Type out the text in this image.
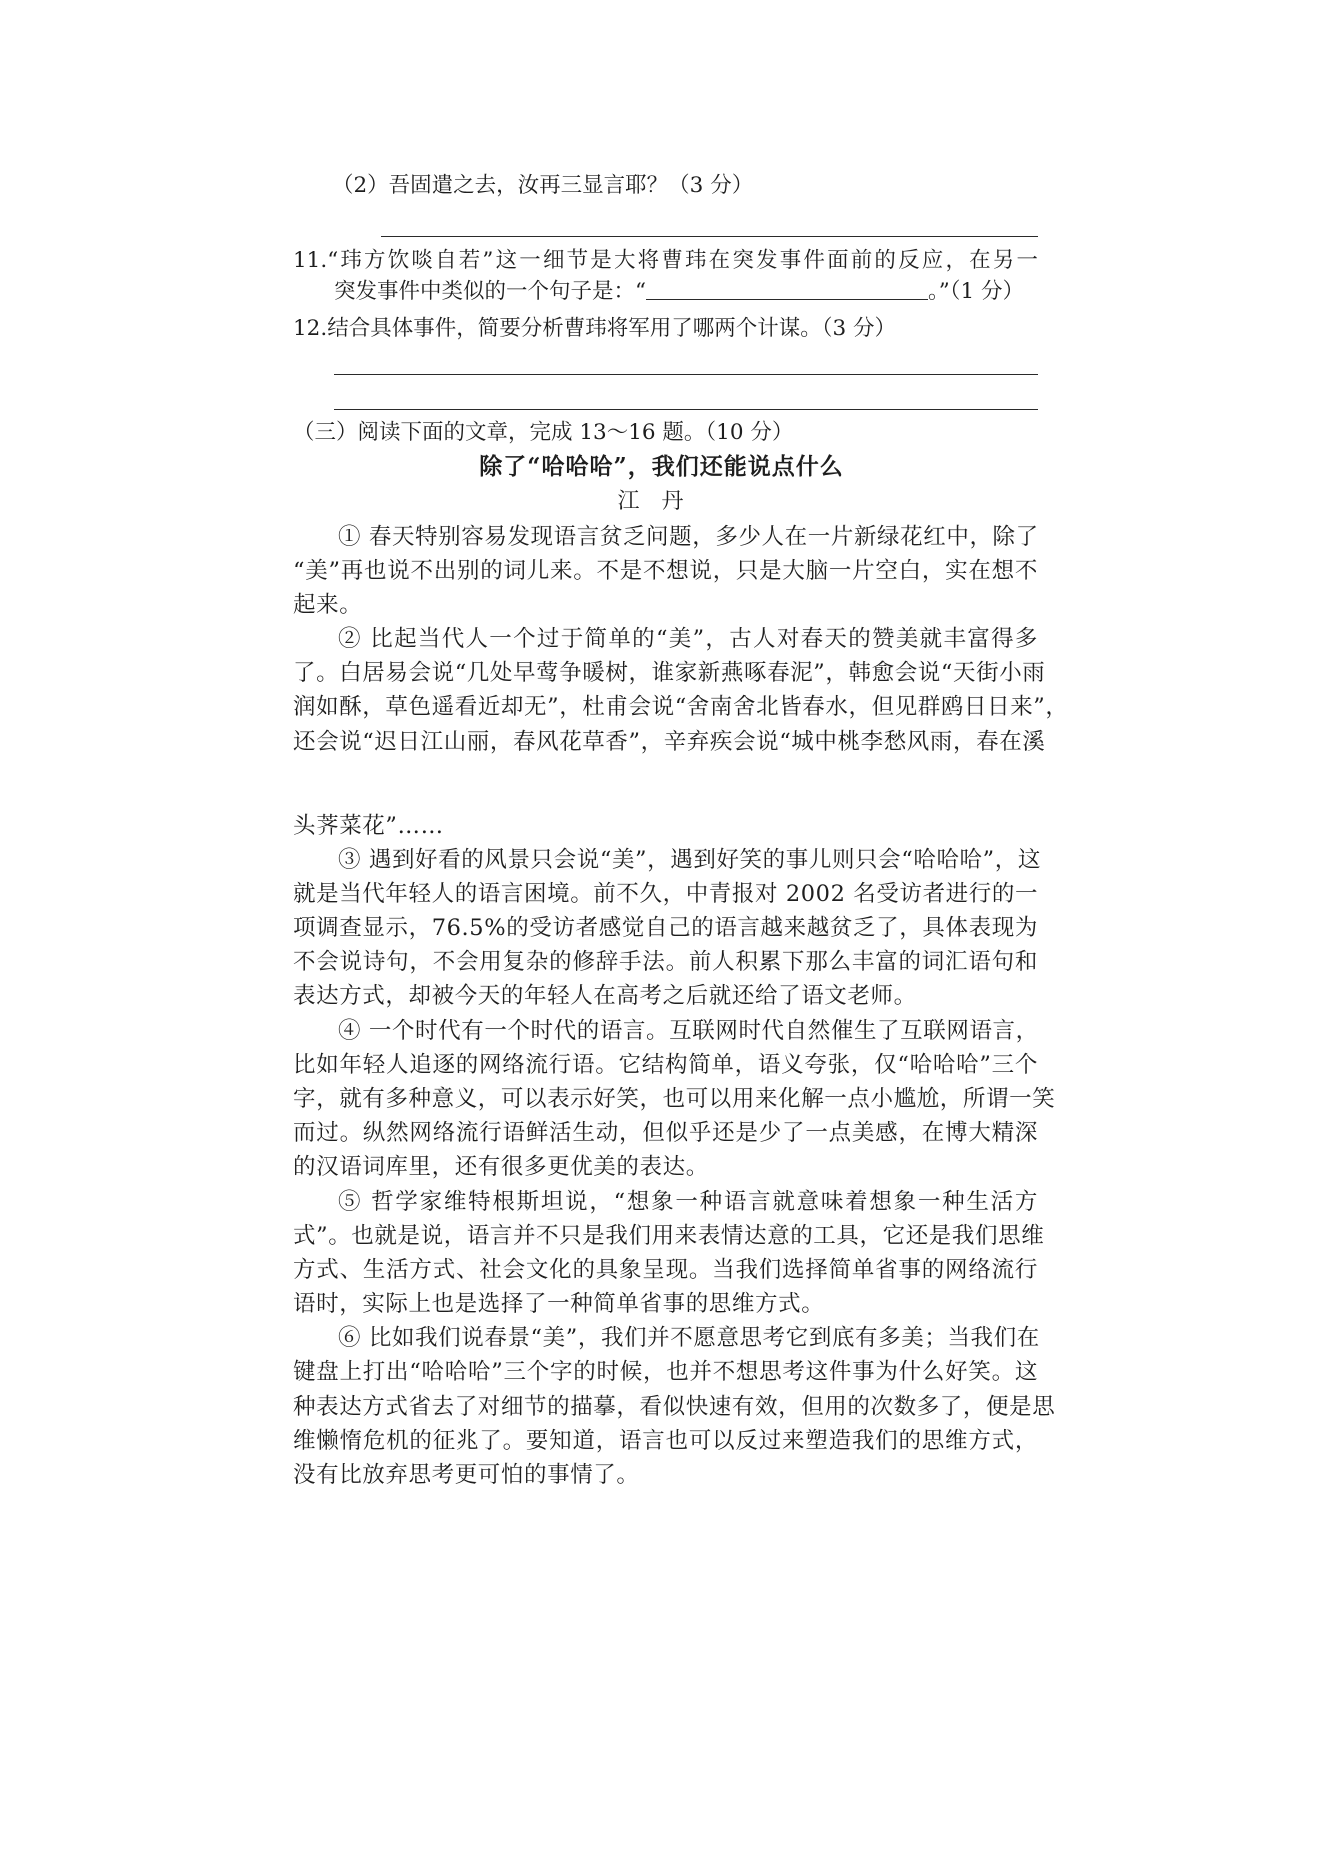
（2）吾固遣之去，汝再三显言耶？（3 分）
11.“玮方饮啖自若”这一细节是大将曹玮在突发事件面前的反应，在另一
突发事件中类似的一个句子是：“	。”（1 分）
12.结合具体事件，简要分析曹玮将军用了哪两个计谋。（3 分）
（三）阅读下面的文章，完成 13～16 题。（10 分）
除了“哈哈哈”，我们还能说点什么
江丹
① 春天特别容易发现语言贫乏问题，多少人在一片新绿花红中，除了
“美”再也说不出别的词儿来。不是不想说，只是大脑一片空白，实在想不
起来。
② 比起当代人一个过于简单的“美”，古人对春天的赞美就丰富得多
了。白居易会说“几处早莺争暖树，谁家新燕啄春泥”，韩愈会说“天街小雨
润如酥，草色遥看近却无”，杜甫会说“舍南舍北皆春水，但见群鸥日日来”，
还会说“迟日江山丽，春风花草香”，辛弃疾会说“城中桃李愁风雨，春在溪
头荠菜花”……
③ 遇到好看的风景只会说“美”，遇到好笑的事儿则只会“哈哈哈”，这
就是当代年轻人的语言困境。前不久，中青报对 2002 名受访者进行的一
项调查显示，76.5%的受访者感觉自己的语言越来越贫乏了，具体表现为
不会说诗句，不会用复杂的修辞手法。前人积累下那么丰富的词汇语句和
表达方式，却被今天的年轻人在高考之后就还给了语文老师。
④ 一个时代有一个时代的语言。互联网时代自然催生了互联网语言，
比如年轻人追逐的网络流行语。它结构简单，语义夸张，仅“哈哈哈”三个
字，就有多种意义，可以表示好笑，也可以用来化解一点小尴尬，所谓一笑
而过。纵然网络流行语鲜活生动，但似乎还是少了一点美感，在博大精深
的汉语词库里，还有很多更优美的表达。
⑤ 哲学家维特根斯坦说，“想象一种语言就意味着想象一种生活方
式”。也就是说，语言并不只是我们用来表情达意的工具，它还是我们思维
方式、生活方式、社会文化的具象呈现。当我们选择简单省事的网络流行
语时，实际上也是选择了一种简单省事的思维方式。
⑥ 比如我们说春景“美”，我们并不愿意思考它到底有多美；当我们在
键盘上打出“哈哈哈”三个字的时候，也并不想思考这件事为什么好笑。这
种表达方式省去了对细节的描摹，看似快速有效，但用的次数多了，便是思
维懒惰危机的征兆了。要知道，语言也可以反过来塑造我们的思维方式，
没有比放弃思考更可怕的事情了。
